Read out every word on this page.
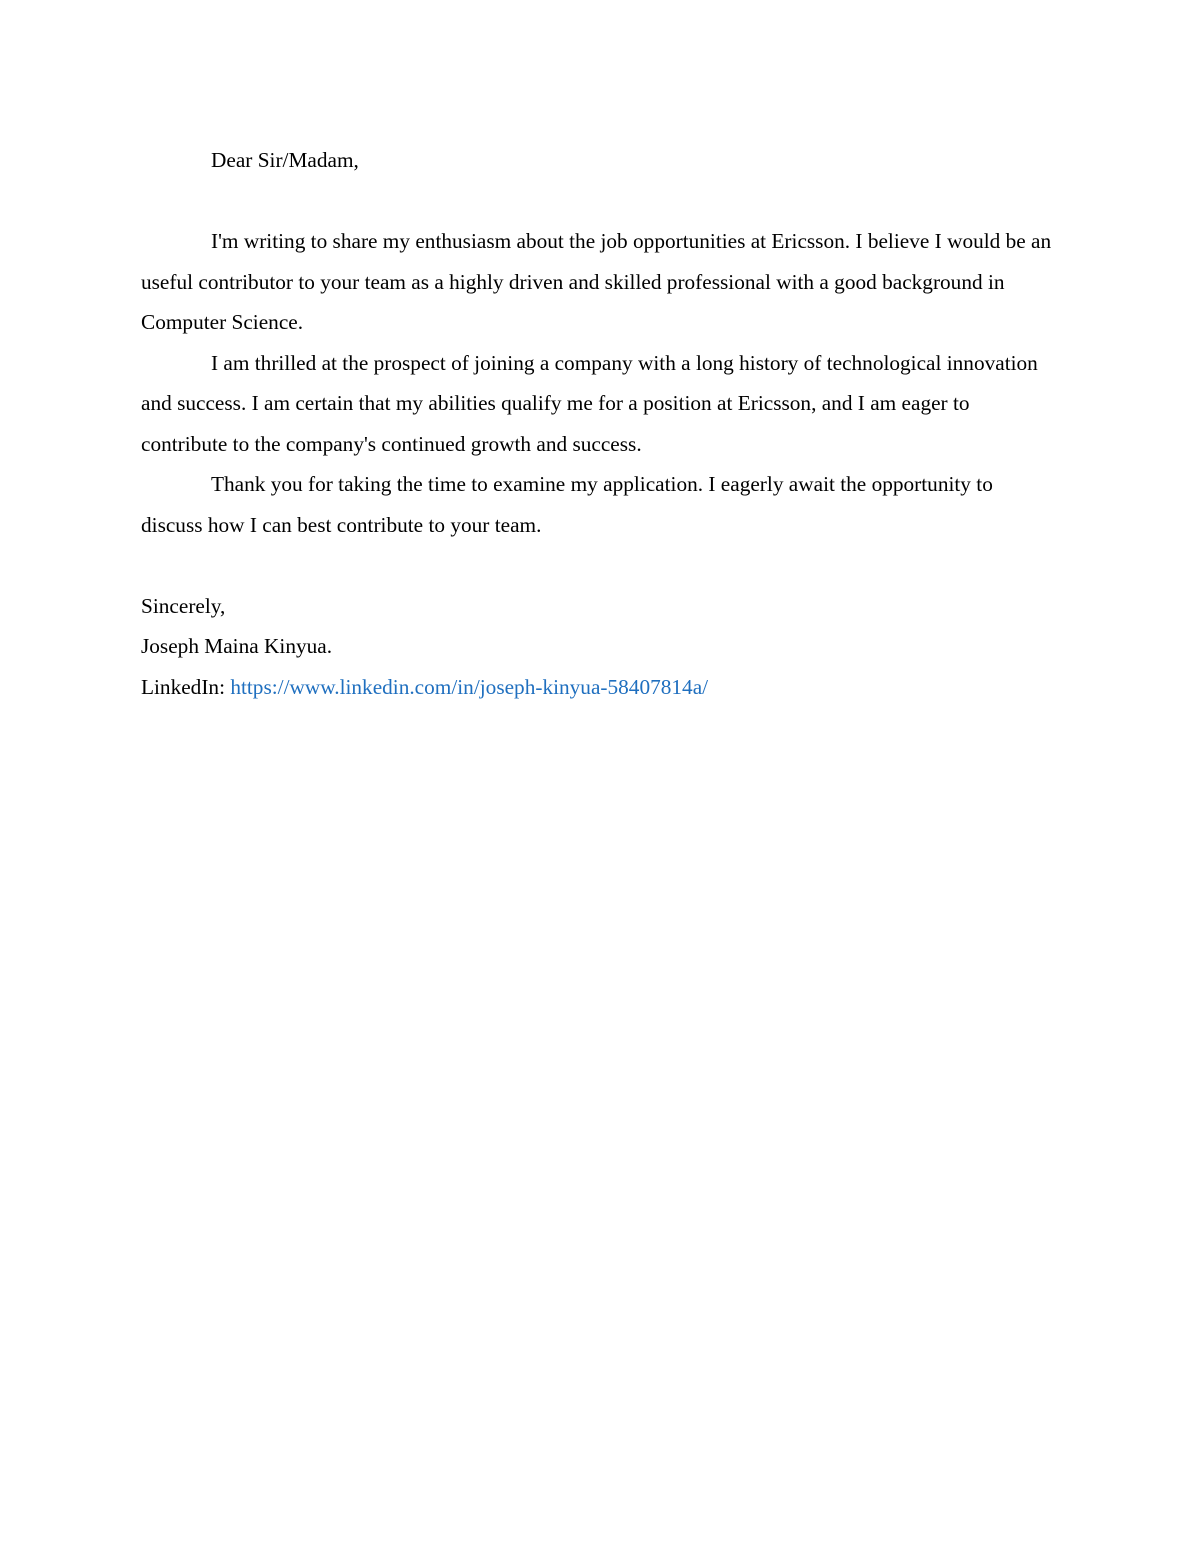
Dear Sir/Madam,

I'm writing to share my enthusiasm about the job opportunities at Ericsson. I believe I would be an useful contributor to your team as a highly driven and skilled professional with a good background in Computer Science.

I am thrilled at the prospect of joining a company with a long history of technological innovation and success. I am certain that my abilities qualify me for a position at Ericsson, and I am eager to contribute to the company's continued growth and success.

Thank you for taking the time to examine my application. I eagerly await the opportunity to discuss how I can best contribute to your team.

Sincerely,

Joseph Maina Kinyua.

LinkedIn: https://www.linkedin.com/in/joseph-kinyua-58407814a/
